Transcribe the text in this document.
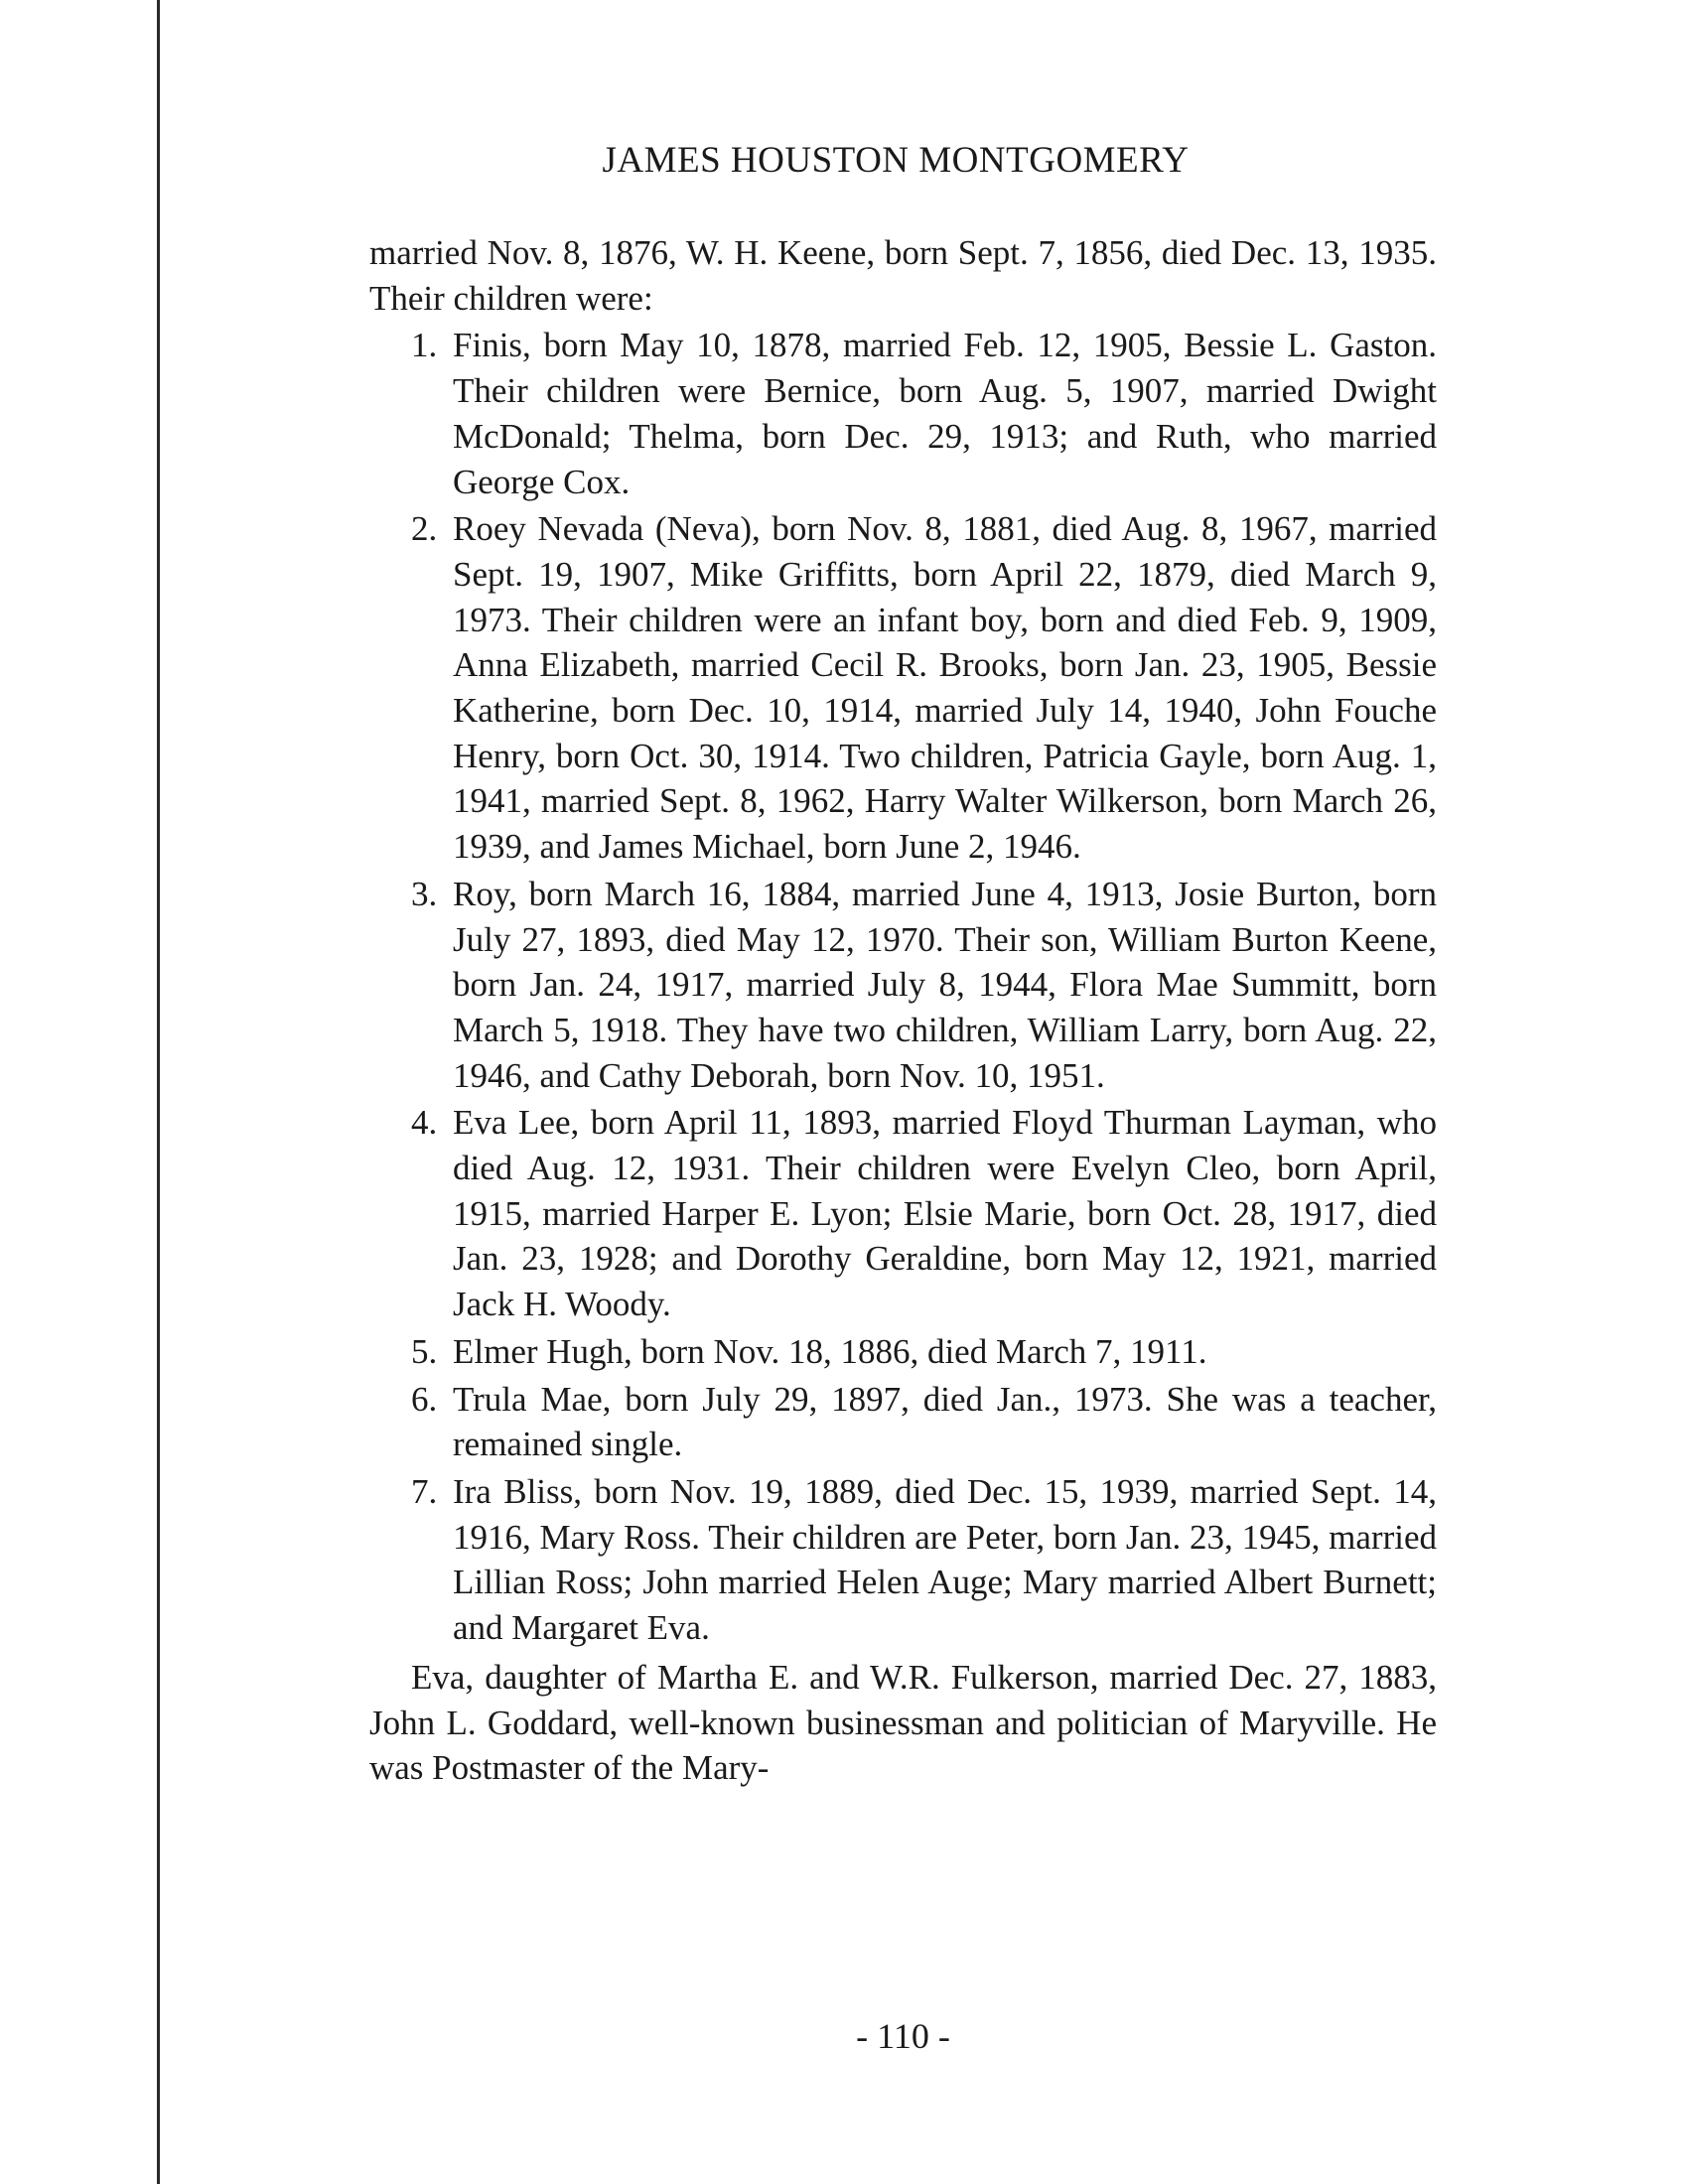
JAMES HOUSTON MONTGOMERY

married Nov. 8, 1876, W. H. Keene, born Sept. 7, 1856, died Dec. 13, 1935. Their children were:

1. Finis, born May 10, 1878, married Feb. 12, 1905, Bessie L. Gaston. Their children were Bernice, born Aug. 5, 1907, married Dwight McDonald; Thelma, born Dec. 29, 1913; and Ruth, who married George Cox.
2. Roey Nevada (Neva), born Nov. 8, 1881, died Aug. 8, 1967, married Sept. 19, 1907, Mike Griffitts, born April 22, 1879, died March 9, 1973. Their children were an infant boy, born and died Feb. 9, 1909, Anna Elizabeth, married Cecil R. Brooks, born Jan. 23, 1905, Bessie Katherine, born Dec. 10, 1914, married July 14, 1940, John Fouche Henry, born Oct. 30, 1914. Two children, Patricia Gayle, born Aug. 1, 1941, married Sept. 8, 1962, Harry Walter Wilkerson, born March 26, 1939, and James Michael, born June 2, 1946.
3. Roy, born March 16, 1884, married June 4, 1913, Josie Burton, born July 27, 1893, died May 12, 1970. Their son, William Burton Keene, born Jan. 24, 1917, married July 8, 1944, Flora Mae Summitt, born March 5, 1918. They have two children, William Larry, born Aug. 22, 1946, and Cathy Deborah, born Nov. 10, 1951.
4. Eva Lee, born April 11, 1893, married Floyd Thurman Layman, who died Aug. 12, 1931. Their children were Evelyn Cleo, born April, 1915, married Harper E. Lyon; Elsie Marie, born Oct. 28, 1917, died Jan. 23, 1928; and Dorothy Geraldine, born May 12, 1921, married Jack H. Woody.
5. Elmer Hugh, born Nov. 18, 1886, died March 7, 1911.
6. Trula Mae, born July 29, 1897, died Jan., 1973. She was a teacher, remained single.
7. Ira Bliss, born Nov. 19, 1889, died Dec. 15, 1939, married Sept. 14, 1916, Mary Ross. Their children are Peter, born Jan. 23, 1945, married Lillian Ross; John married Helen Auge; Mary married Albert Burnett; and Margaret Eva.

Eva, daughter of Martha E. and W.R. Fulkerson, married Dec. 27, 1883, John L. Goddard, well-known businessman and politician of Maryville. He was Postmaster of the Mary-

- 110 -
